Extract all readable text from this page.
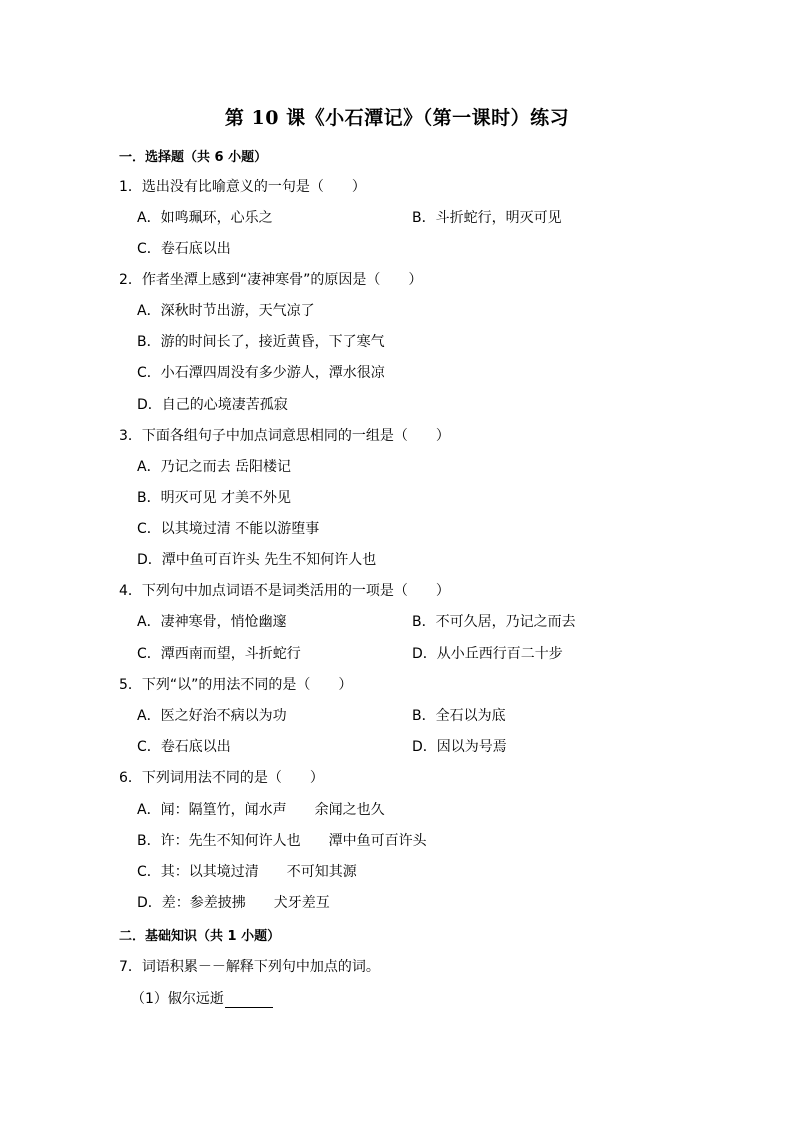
第 10 课《小石潭记》（第一课时）练习
一．选择题（共 6 小题）
1．选出没有比喻意义的一句是（　　）
A．如鸣珮环，心乐之	B．斗折蛇行，明灭可见
C．卷石底以出
2．作者坐潭上感到“凄神寒骨”的原因是（　　）
A．深秋时节出游，天气凉了
B．游的时间长了，接近黄昏，下了寒气
C．小石潭四周没有多少游人，潭水很凉
D．自己的心境凄苦孤寂
3．下面各组句子中加点词意思相同的一组是（　　）
A．乃记之而去 岳阳楼记
B．明灭可见 才美不外见
C．以其境过清 不能以游堕事
D．潭中鱼可百许头 先生不知何许人也
4．下列句中加点词语不是词类活用的一项是（　　）
A．凄神寒骨，悄怆幽邃	B．不可久居，乃记之而去
C．潭西南而望，斗折蛇行	D．从小丘西行百二十步
5．下列“以”的用法不同的是（　　）
A．医之好治不病以为功	B．全石以为底
C．卷石底以出	D．因以为号焉
6．下列词用法不同的是（　　）
A．闻：隔篁竹，闻水声　　余闻之也久
B．许：先生不知何许人也　　潭中鱼可百许头
C．其：以其境过清　　不可知其源
D．差：参差披拂　　犬牙差互
二．基础知识（共 1 小题）
7．词语积累－－解释下列句中加点的词。
（1）俶尔远逝
